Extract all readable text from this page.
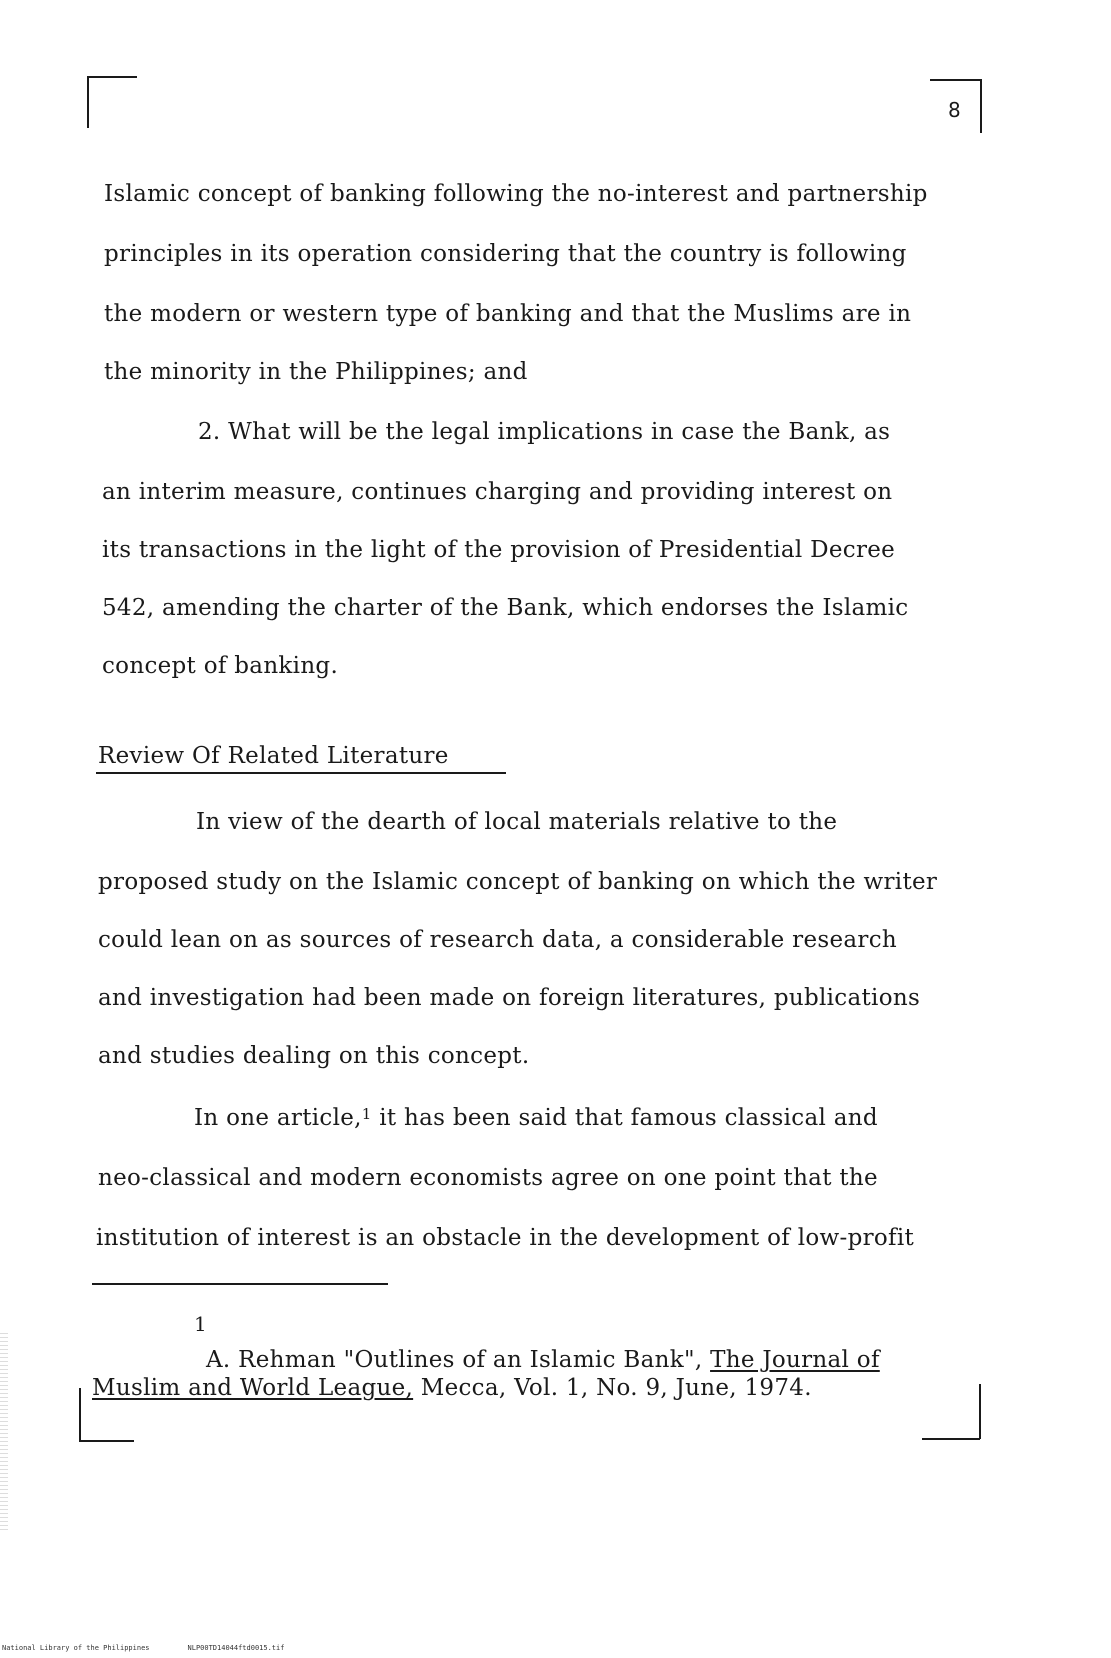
8
Islamic concept of banking following the no-interest and partnership
principles in its operation considering that the country is following
the modern or western type of banking and that the Muslims are in
the minority in the Philippines; and
2. What will be the legal implications in case the Bank, as
an interim measure, continues charging and providing interest on
its transactions in the light of the provision of Presidential Decree
542, amending the charter of the Bank, which endorses the Islamic
concept of banking.
Review Of Related Literature
In view of the dearth of local materials relative to the
proposed study on the Islamic concept of banking on which the writer
could lean on as sources of research data, a considerable research
and investigation had been made on foreign literatures, publications
and studies dealing on this concept.
In one article,$^1$ it has been said that famous classical and
neo-classical and modern economists agree on one point that the
institution of interest is an obstacle in the development of low-profit
1
A. Rehman "Outlines of an Islamic Bank", The Journal of
Muslim and World League, Mecca, Vol. 1, No. 9, June, 1974.
National Library of the Philippines	NLP00TD14044ftd0015.tif
